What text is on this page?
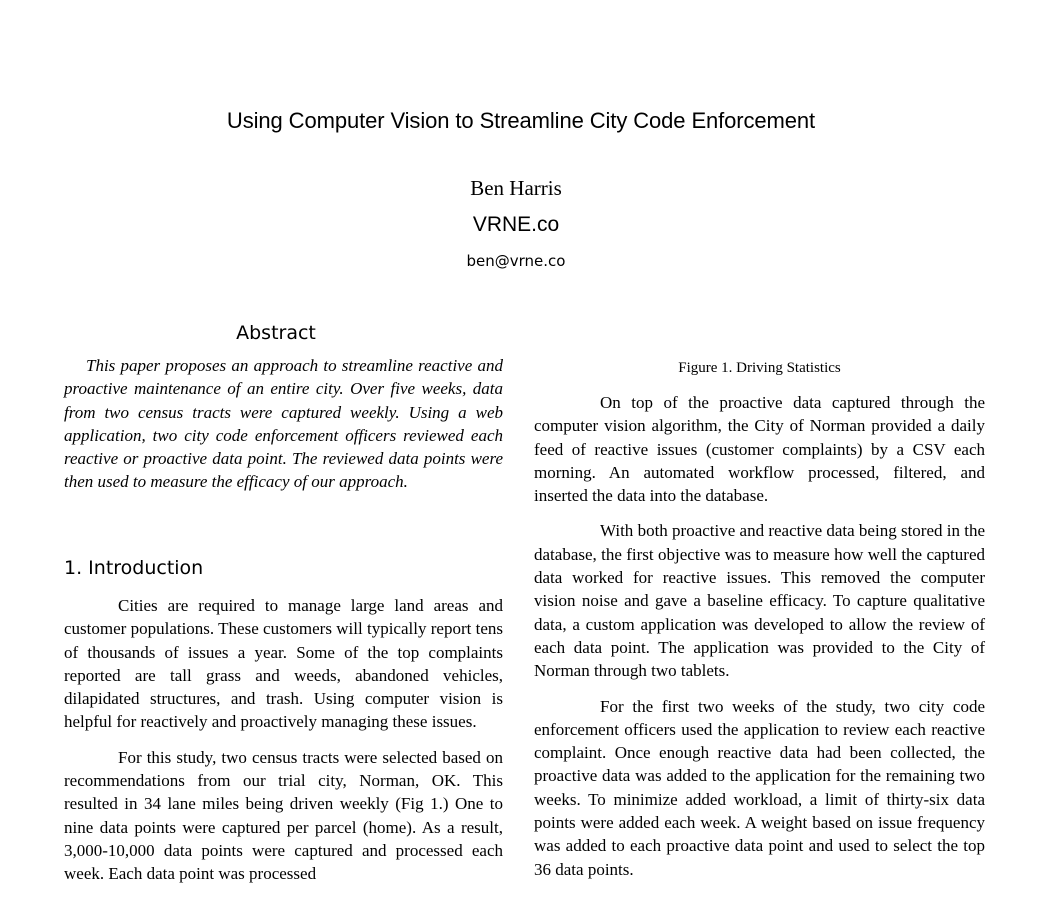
Using Computer Vision to Streamline City Code Enforcement
Ben Harris
VRNE.co
ben@vrne.co
Abstract

This paper proposes an approach to streamline reactive and proactive maintenance of an entire city. Over five weeks, data from two census tracts were captured weekly. Using a web application, two city code enforcement officers reviewed each reactive or proactive data point. The reviewed data points were then used to measure the efficacy of our approach.

1. Introduction

Cities are required to manage large land areas and customer populations. These customers will typically report tens of thousands of issues a year. Some of the top complaints reported are tall grass and weeds, abandoned vehicles, dilapidated structures, and trash. Using computer vision is helpful for reactively and proactively managing these issues.

For this study, two census tracts were selected based on recommendations from our trial city, Norman, OK. This resulted in 34 lane miles being driven weekly (Fig 1.) One to nine data points were captured per parcel (home). As a result, 3,000-10,000 data points were captured and processed each week. Each data point was processed

Figure 1. Driving Statistics

On top of the proactive data captured through the computer vision algorithm, the City of Norman provided a daily feed of reactive issues (customer complaints) by a CSV each morning. An automated workflow processed, filtered, and inserted the data into the database.

With both proactive and reactive data being stored in the database, the first objective was to measure how well the captured data worked for reactive issues. This removed the computer vision noise and gave a baseline efficacy. To capture qualitative data, a custom application was developed to allow the review of each data point. The application was provided to the City of Norman through two tablets.

For the first two weeks of the study, two city code enforcement officers used the application to review each reactive complaint. Once enough reactive data had been collected, the proactive data was added to the application for the remaining two weeks. To minimize added workload, a limit of thirty-six data points were added each week. A weight based on issue frequency was added to each proactive data point and used to select the top 36 data points.
